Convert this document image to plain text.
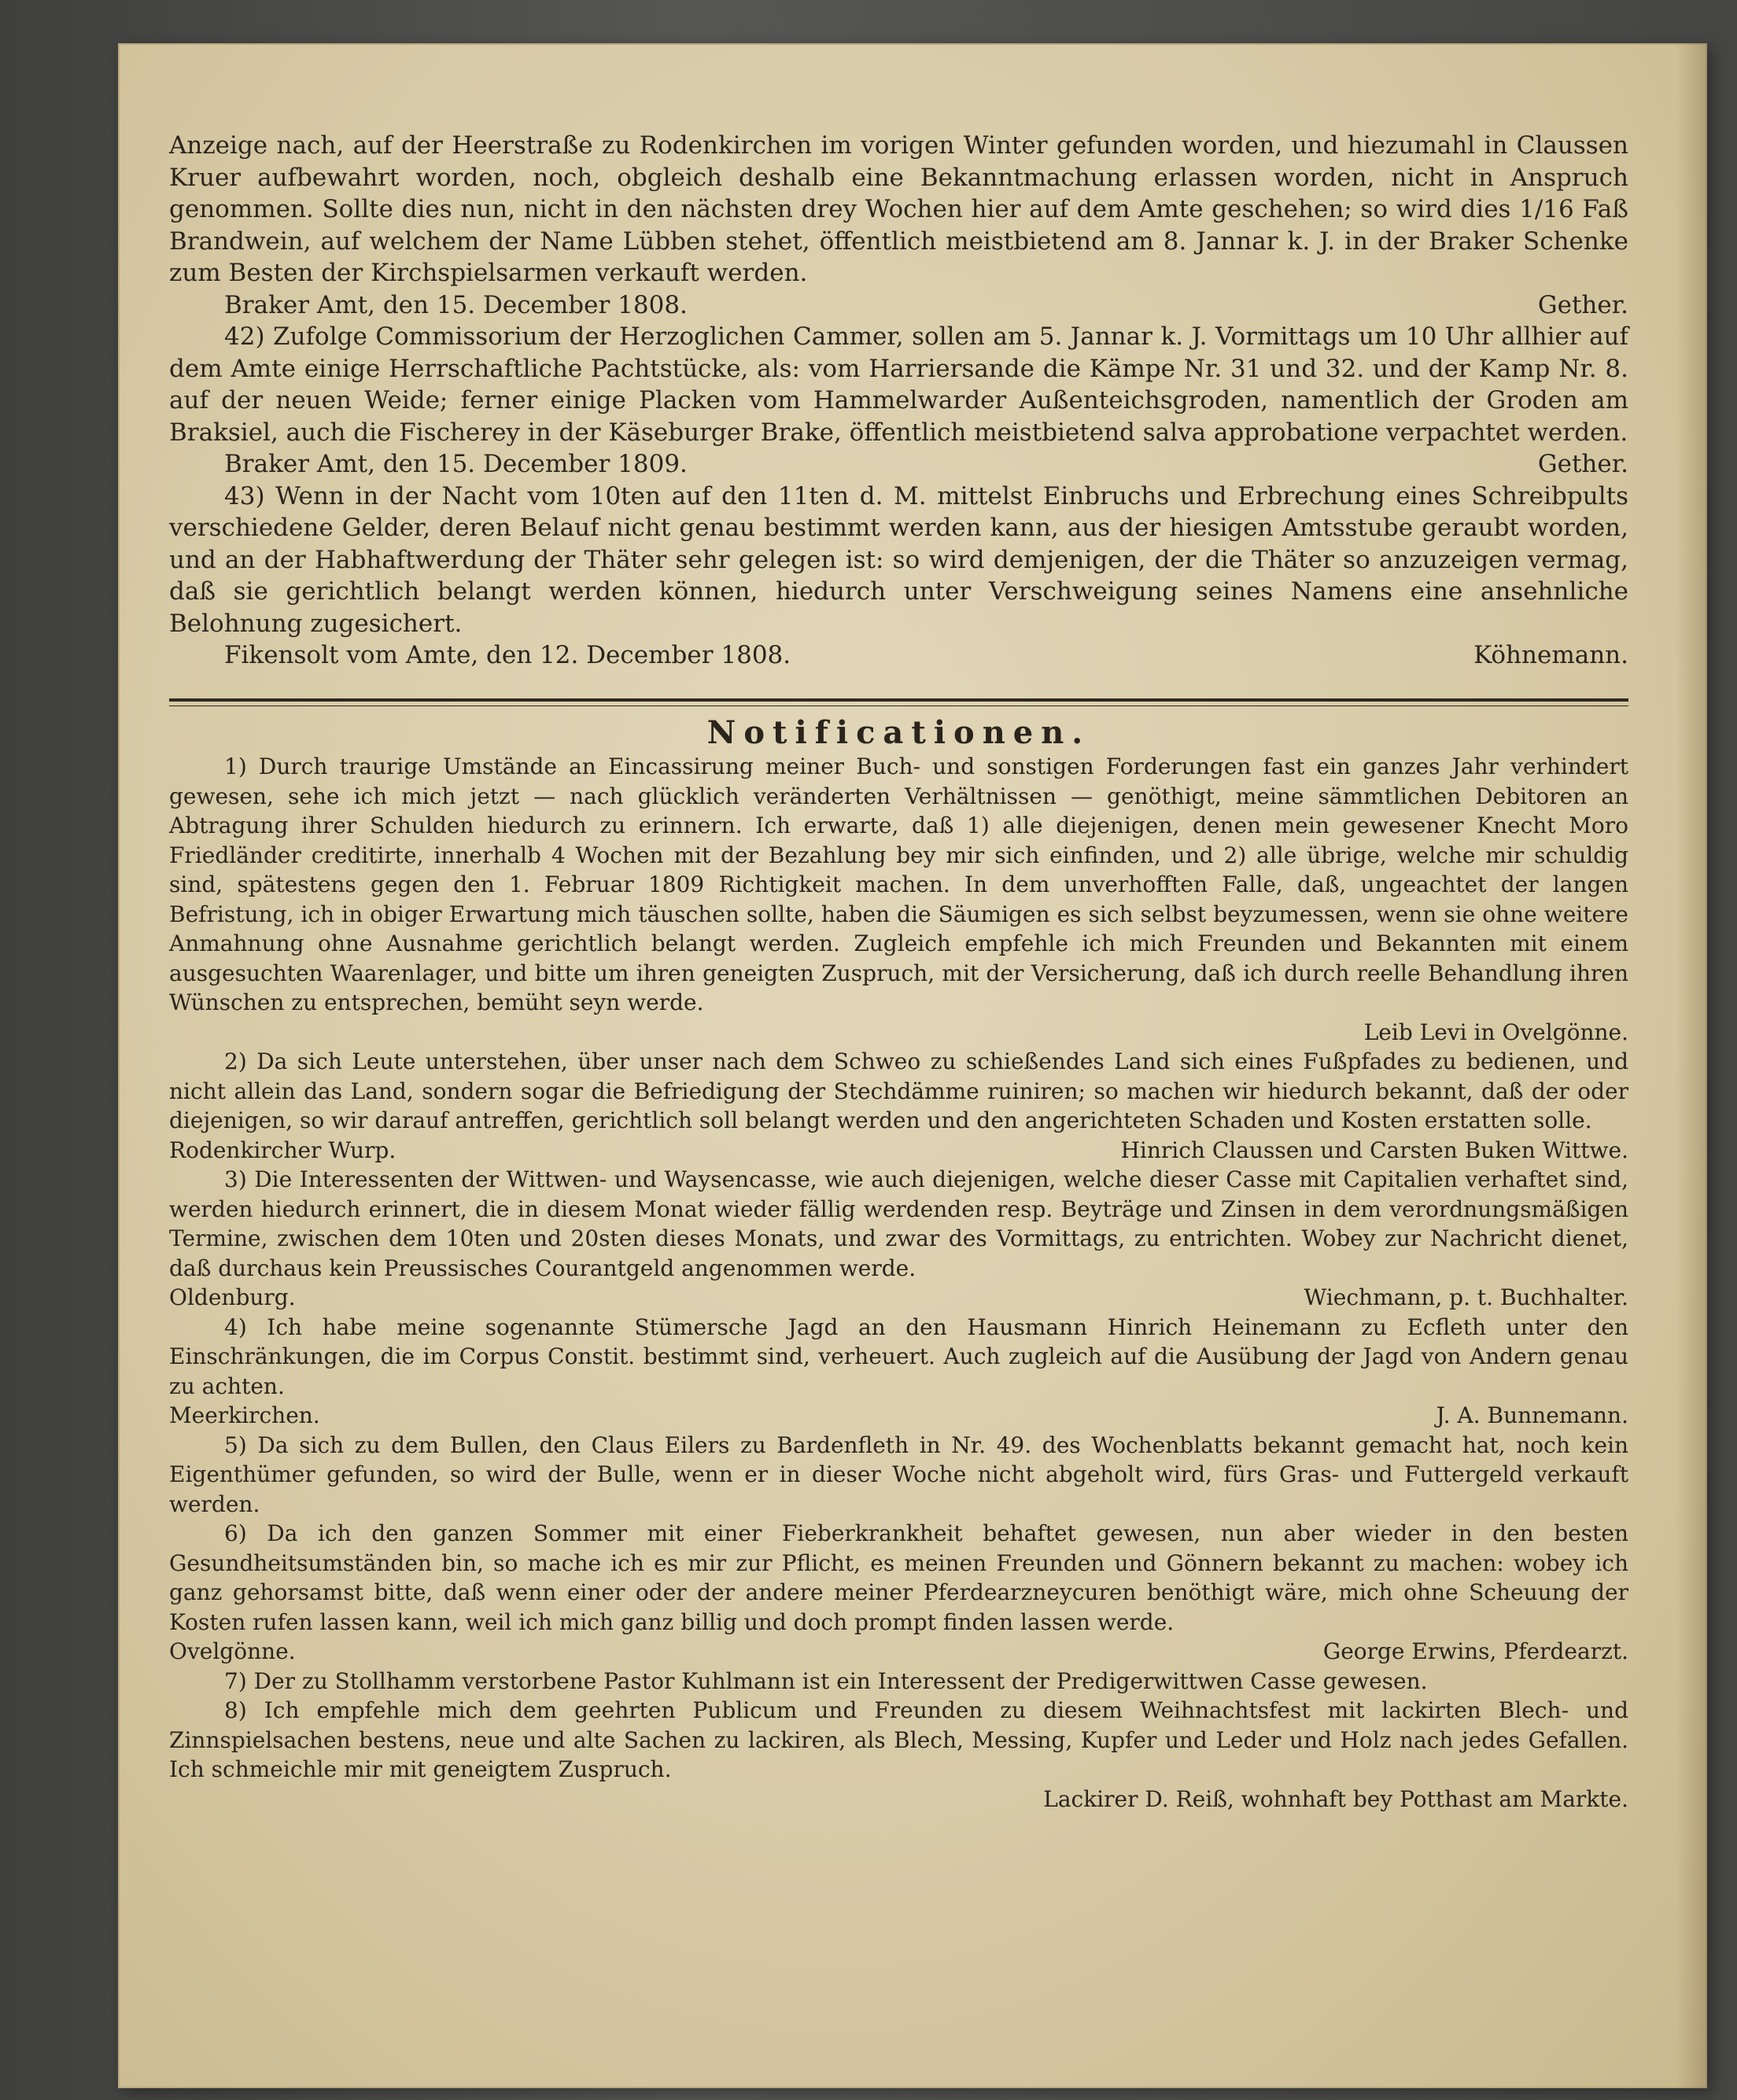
Anzeige nach, auf der Heerstraße zu Rodenkirchen im vorigen Winter gefunden worden, und hiezumahl in Claussen Kruer aufbewahrt worden, noch, obgleich deshalb eine Bekanntmachung erlassen worden, nicht in Anspruch genommen. Sollte dies nun, nicht in den nächsten drey Wochen hier auf dem Amte geschehen; so wird dies 1/16 Faß Brandwein, auf welchem der Name Lübben stehet, öffentlich meistbietend am 8. Jannar k. J. in der Braker Schenke zum Besten der Kirchspielsarmen verkauft werden.

Braker Amt, den 15. December 1808.	Gether.

42) Zufolge Commissorium der Herzoglichen Cammer, sollen am 5. Jannar k. J. Vormittags um 10 Uhr allhier auf dem Amte einige Herrschaftliche Pachtstücke, als: vom Harriersande die Kämpe Nr. 31 und 32. und der Kamp Nr. 8. auf der neuen Weide; ferner einige Placken vom Hammelwarder Außenteichsgroden, namentlich der Groden am Braksiel, auch die Fischerey in der Käseburger Brake, öffentlich meistbietend salva approbatione verpachtet werden.

Braker Amt, den 15. December 1809.	Gether.

43) Wenn in der Nacht vom 10ten auf den 11ten d. M. mittelst Einbruchs und Erbrechung eines Schreibpults verschiedene Gelder, deren Belauf nicht genau bestimmt werden kann, aus der hiesigen Amtsstube geraubt worden, und an der Habhaftwerdung der Thäter sehr gelegen ist: so wird demjenigen, der die Thäter so anzuzeigen vermag, daß sie gerichtlich belangt werden können, hiedurch unter Verschweigung seines Namens eine ansehnliche Belohnung zugesichert.

Fikensolt vom Amte, den 12. December 1808.	Köhnemann.
Notificationen.

1) Durch traurige Umstände an Eincassirung meiner Buch- und sonstigen Forderungen fast ein ganzes Jahr verhindert gewesen, sehe ich mich jetzt — nach glücklich veränderten Verhältnissen — genöthigt, meine sämmtlichen Debitoren an Abtragung ihrer Schulden hiedurch zu erinnern. Ich erwarte, daß 1) alle diejenigen, denen mein gewesener Knecht Moro Friedländer creditirte, innerhalb 4 Wochen mit der Bezahlung bey mir sich einfinden, und 2) alle übrige, welche mir schuldig sind, spätestens gegen den 1. Februar 1809 Richtigkeit machen. In dem unverhofften Falle, daß, ungeachtet der langen Befristung, ich in obiger Erwartung mich täuschen sollte, haben die Säumigen es sich selbst beyzumessen, wenn sie ohne weitere Anmahnung ohne Ausnahme gerichtlich belangt werden. Zugleich empfehle ich mich Freunden und Bekannten mit einem ausgesuchten Waarenlager, und bitte um ihren geneigten Zuspruch, mit der Versicherung, daß ich durch reelle Behandlung ihren Wünschen zu entsprechen, bemüht seyn werde.

Leib Levi in Ovelgönne.

2) Da sich Leute unterstehen, über unser nach dem Schweo zu schießendes Land sich eines Fußpfades zu bedienen, und nicht allein das Land, sondern sogar die Befriedigung der Stechdämme ruiniren; so machen wir hiedurch bekannt, daß der oder diejenigen, so wir darauf antreffen, gerichtlich soll belangt werden und den angerichteten Schaden und Kosten erstatten solle.

Rodenkircher Wurp.	Hinrich Claussen und Carsten Buken Wittwe.

3) Die Interessenten der Wittwen- und Waysencasse, wie auch diejenigen, welche dieser Casse mit Capitalien verhaftet sind, werden hiedurch erinnert, die in diesem Monat wieder fällig werdenden resp. Beyträge und Zinsen in dem verordnungsmäßigen Termine, zwischen dem 10ten und 20sten dieses Monats, und zwar des Vormittags, zu entrichten. Wobey zur Nachricht dienet, daß durchaus kein Preussisches Courantgeld angenommen werde.

Oldenburg.	Wiechmann, p. t. Buchhalter.

4) Ich habe meine sogenannte Stümersche Jagd an den Hausmann Hinrich Heinemann zu Ecfleth unter den Einschränkungen, die im Corpus Constit. bestimmt sind, verheuert. Auch zugleich auf die Ausübung der Jagd von Andern genau zu achten.

Meerkirchen.	J. A. Bunnemann.

5) Da sich zu dem Bullen, den Claus Eilers zu Bardenfleth in Nr. 49. des Wochenblatts bekannt gemacht hat, noch kein Eigenthümer gefunden, so wird der Bulle, wenn er in dieser Woche nicht abgeholt wird, fürs Gras- und Futtergeld verkauft werden.

6) Da ich den ganzen Sommer mit einer Fieberkrankheit behaftet gewesen, nun aber wieder in den besten Gesundheitsumständen bin, so mache ich es mir zur Pflicht, es meinen Freunden und Gönnern bekannt zu machen: wobey ich ganz gehorsamst bitte, daß wenn einer oder der andere meiner Pferdearzneycuren benöthigt wäre, mich ohne Scheuung der Kosten rufen lassen kann, weil ich mich ganz billig und doch prompt finden lassen werde.

Ovelgönne.	George Erwins, Pferdearzt.

7) Der zu Stollhamm verstorbene Pastor Kuhlmann ist ein Interessent der Predigerwittwen Casse gewesen.

8) Ich empfehle mich dem geehrten Publicum und Freunden zu diesem Weihnachtsfest mit lackirten Blech- und Zinnspielsachen bestens, neue und alte Sachen zu lackiren, als Blech, Messing, Kupfer und Leder und Holz nach jedes Gefallen. Ich schmeichle mir mit geneigtem Zuspruch.

Lackirer D. Reiß, wohnhaft bey Potthast am Markte.
